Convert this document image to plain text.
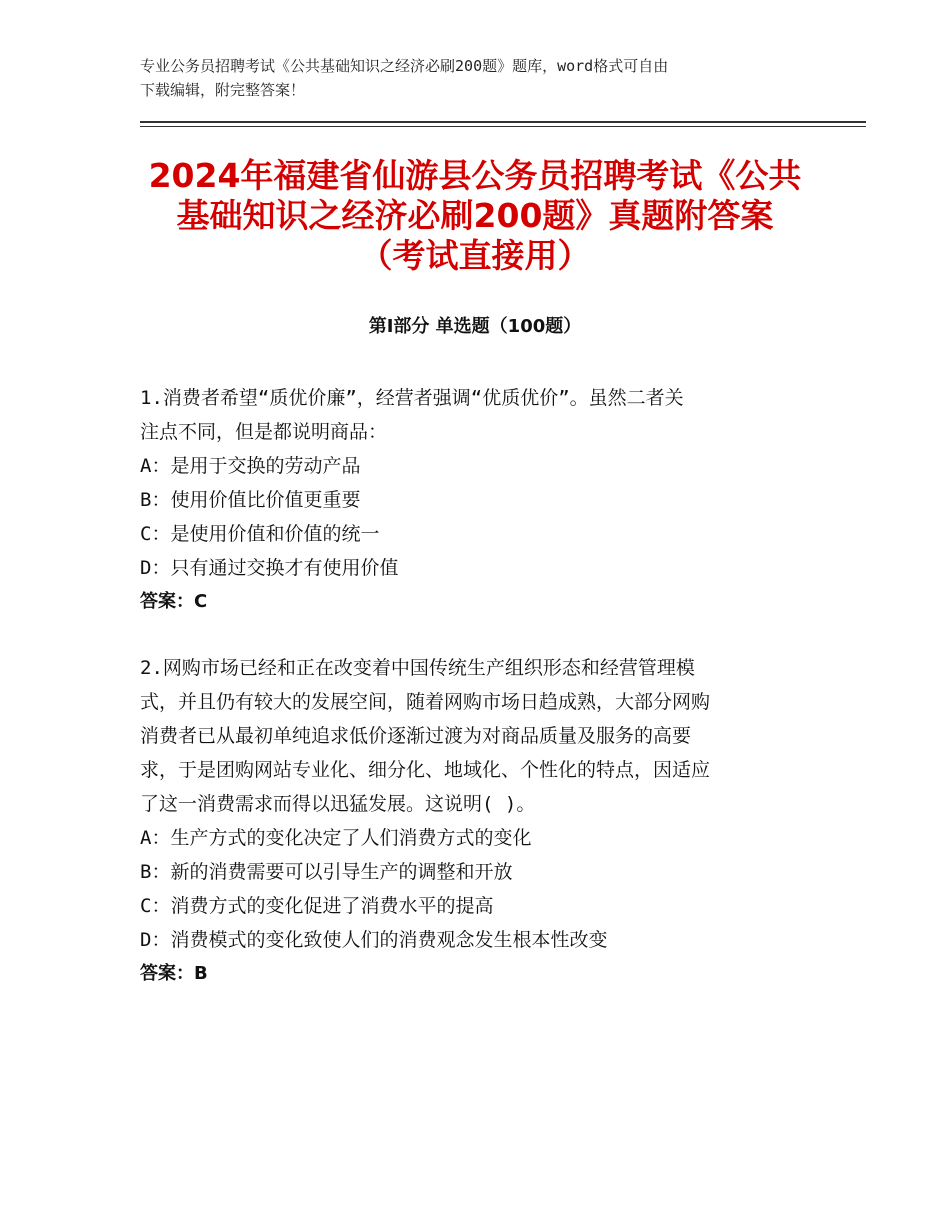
专业公务员招聘考试《公共基础知识之经济必刷200题》题库，word格式可自由
下载编辑，附完整答案！
2024年福建省仙游县公务员招聘考试《公共
基础知识之经济必刷200题》真题附答案
（考试直接用）
第Ⅰ部分 单选题（100题）

1.消费者希望“质优价廉”，经营者强调“优质优价”。虽然二者关

注点不同，但是都说明商品：

A：是用于交换的劳动产品

B：使用价值比价值更重要

C：是使用价值和价值的统一

D：只有通过交换才有使用价值

答案：C

2.网购市场已经和正在改变着中国传统生产组织形态和经营管理模

式，并且仍有较大的发展空间，随着网购市场日趋成熟，大部分网购

消费者已从最初单纯追求低价逐渐过渡为对商品质量及服务的高要

求，于是团购网站专业化、细分化、地域化、个性化的特点，因适应

了这一消费需求而得以迅猛发展。这说明( )。

A：生产方式的变化决定了人们消费方式的变化

B：新的消费需要可以引导生产的调整和开放

C：消费方式的变化促进了消费水平的提高

D：消费模式的变化致使人们的消费观念发生根本性改变

答案：B
